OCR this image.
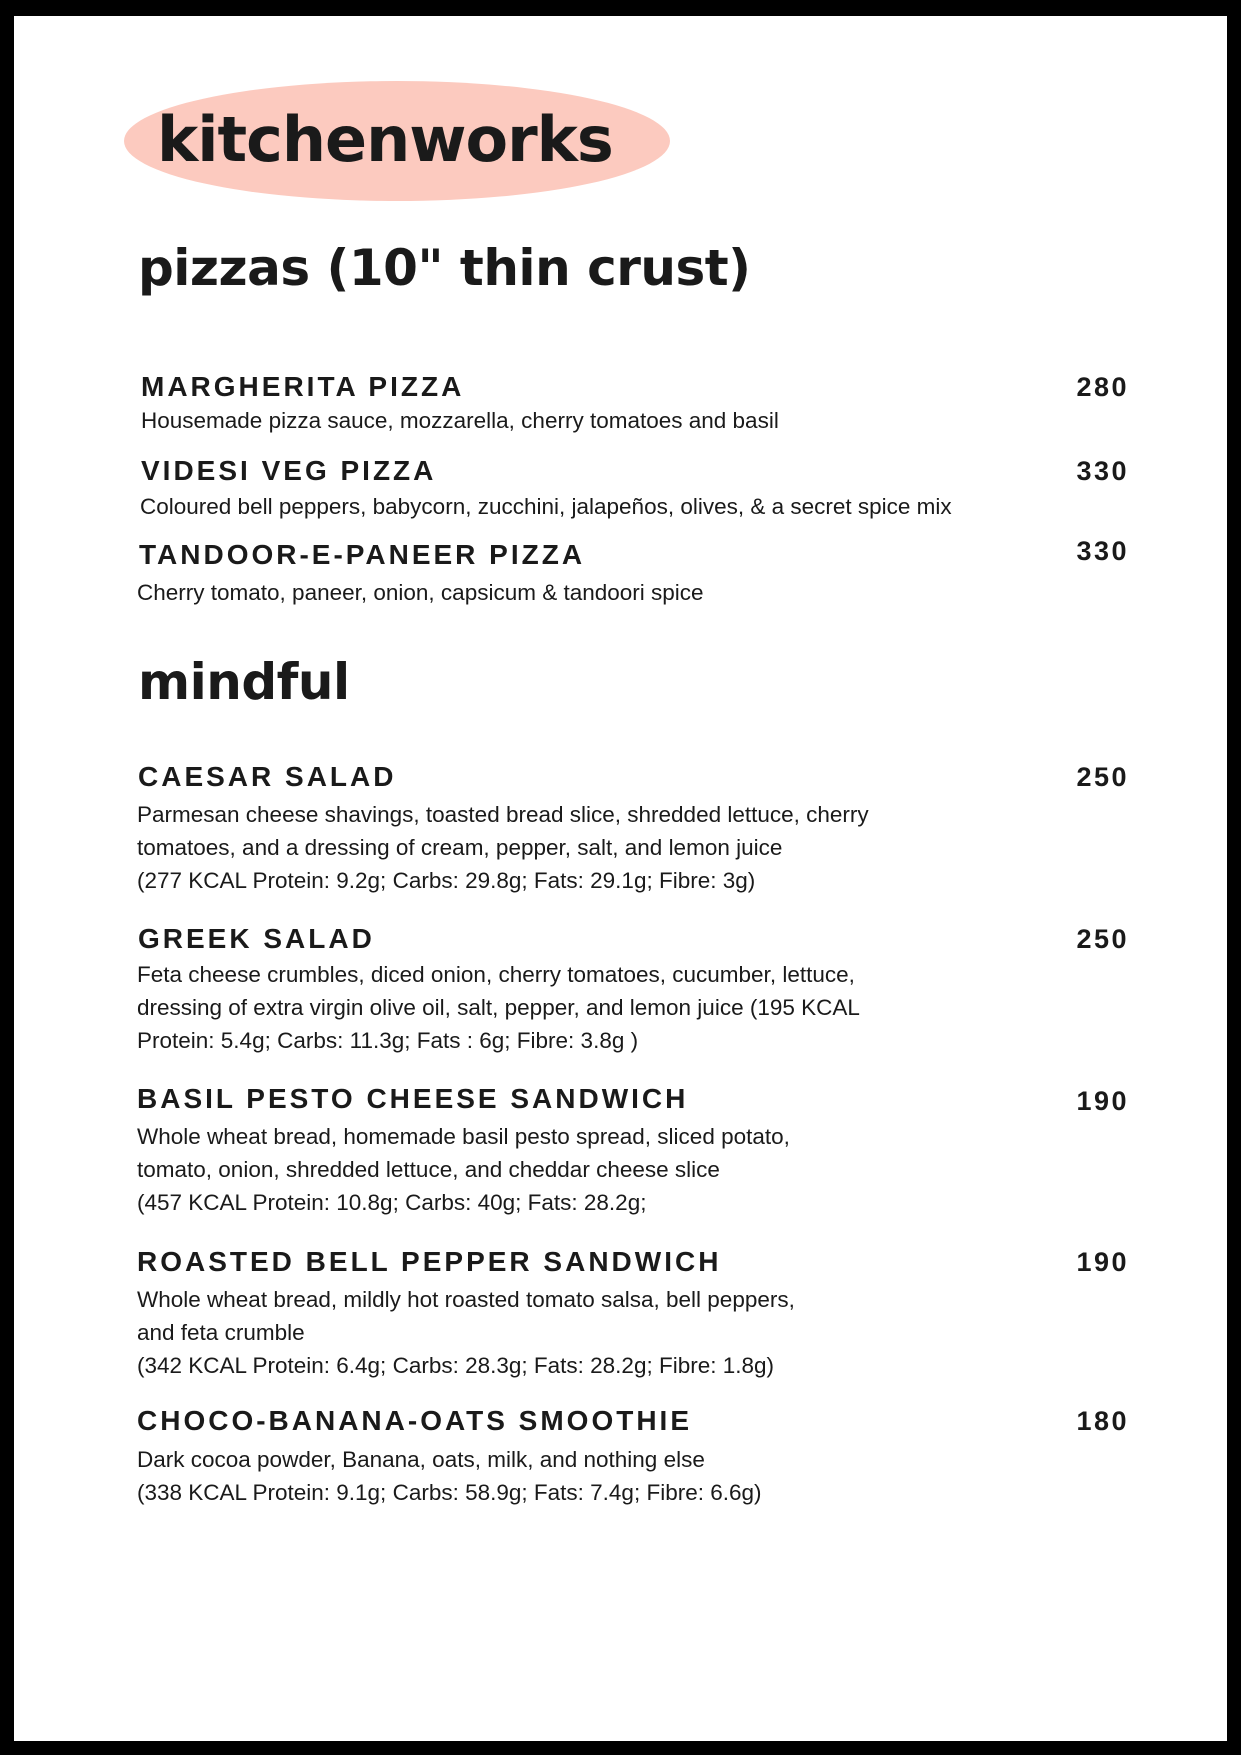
kitchenworks
pizzas (10" thin crust)
MARGHERITA PIZZA	280
Housemade pizza sauce, mozzarella, cherry tomatoes and basil
VIDESI VEG PIZZA	330
Coloured bell peppers, babycorn, zucchini, jalapeños, olives, & a secret spice mix
TANDOOR-E-PANEER PIZZA	330
Cherry tomato, paneer, onion, capsicum & tandoori spice
mindful
CAESAR SALAD	250
Parmesan cheese shavings, toasted bread slice, shredded lettuce, cherry
tomatoes, and a dressing of cream, pepper, salt, and lemon juice
(277 KCAL Protein: 9.2g; Carbs: 29.8g; Fats: 29.1g; Fibre: 3g)
GREEK SALAD	250
Feta cheese crumbles, diced onion, cherry tomatoes, cucumber, lettuce,
dressing of extra virgin olive oil, salt, pepper, and lemon juice (195 KCAL
Protein: 5.4g; Carbs: 11.3g; Fats : 6g; Fibre: 3.8g )
BASIL PESTO CHEESE SANDWICH	190
Whole wheat bread, homemade basil pesto spread, sliced potato,
tomato, onion, shredded lettuce, and cheddar cheese slice
(457 KCAL Protein: 10.8g; Carbs: 40g; Fats: 28.2g;
ROASTED BELL PEPPER SANDWICH	190
Whole wheat bread, mildly hot roasted tomato salsa, bell peppers,
and feta crumble
(342 KCAL Protein: 6.4g; Carbs: 28.3g; Fats: 28.2g; Fibre: 1.8g)
CHOCO-BANANA-OATS SMOOTHIE	180
Dark cocoa powder, Banana, oats, milk, and nothing else
(338 KCAL Protein: 9.1g; Carbs: 58.9g; Fats: 7.4g; Fibre: 6.6g)
